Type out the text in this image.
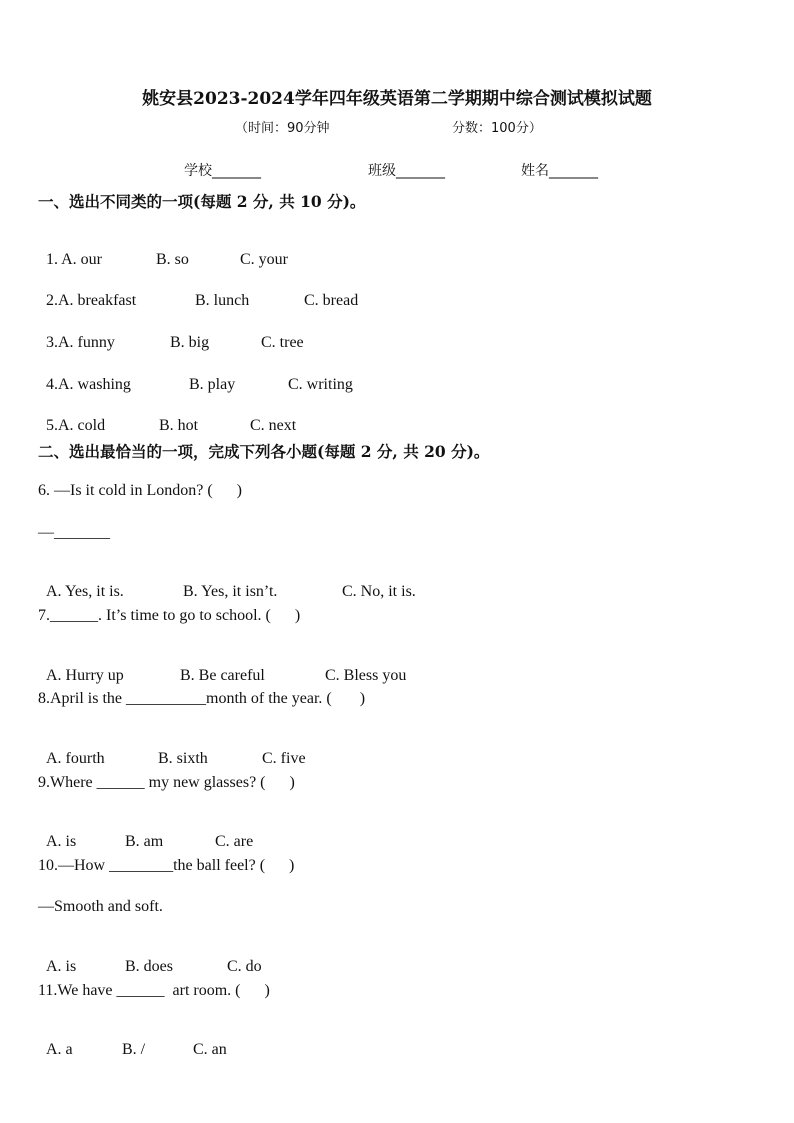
姚安县2023-2024学年四年级英语第二学期期中综合测试模拟试题
（时间：90分钟	分数：100分）
学校_______	班级_______	姓名_______
一、选出不同类的一项(每题 2 分, 共 10 分)。

1. A. our	B. so	C. your

2.A. breakfast	B. lunch	C. bread

3.A. funny	B. big	C. tree

4.A. washing	B. play	C. writing

5.A. cold	B. hot	C. next

二、选出最恰当的一项，完成下列各小题(每题 2 分, 共 20 分)。
6. —Is it cold in London? (      )
—_______

A. Yes, it is.	B. Yes, it isn’t.	C. No, it is.

7.______. It’s time to go to school. (      )

A. Hurry up	B. Be careful	C. Bless you

8.April is the __________month of the year. (       )

A. fourth	B. sixth	C. five

9.Where ______ my new glasses? (      )

A. is	B. am	C. are

10.—How ________the ball feel? (      )
—Smooth and soft.

A. is	B. does	C. do

11.We have ______  art room. (      )

A. a	B. /	C. an
